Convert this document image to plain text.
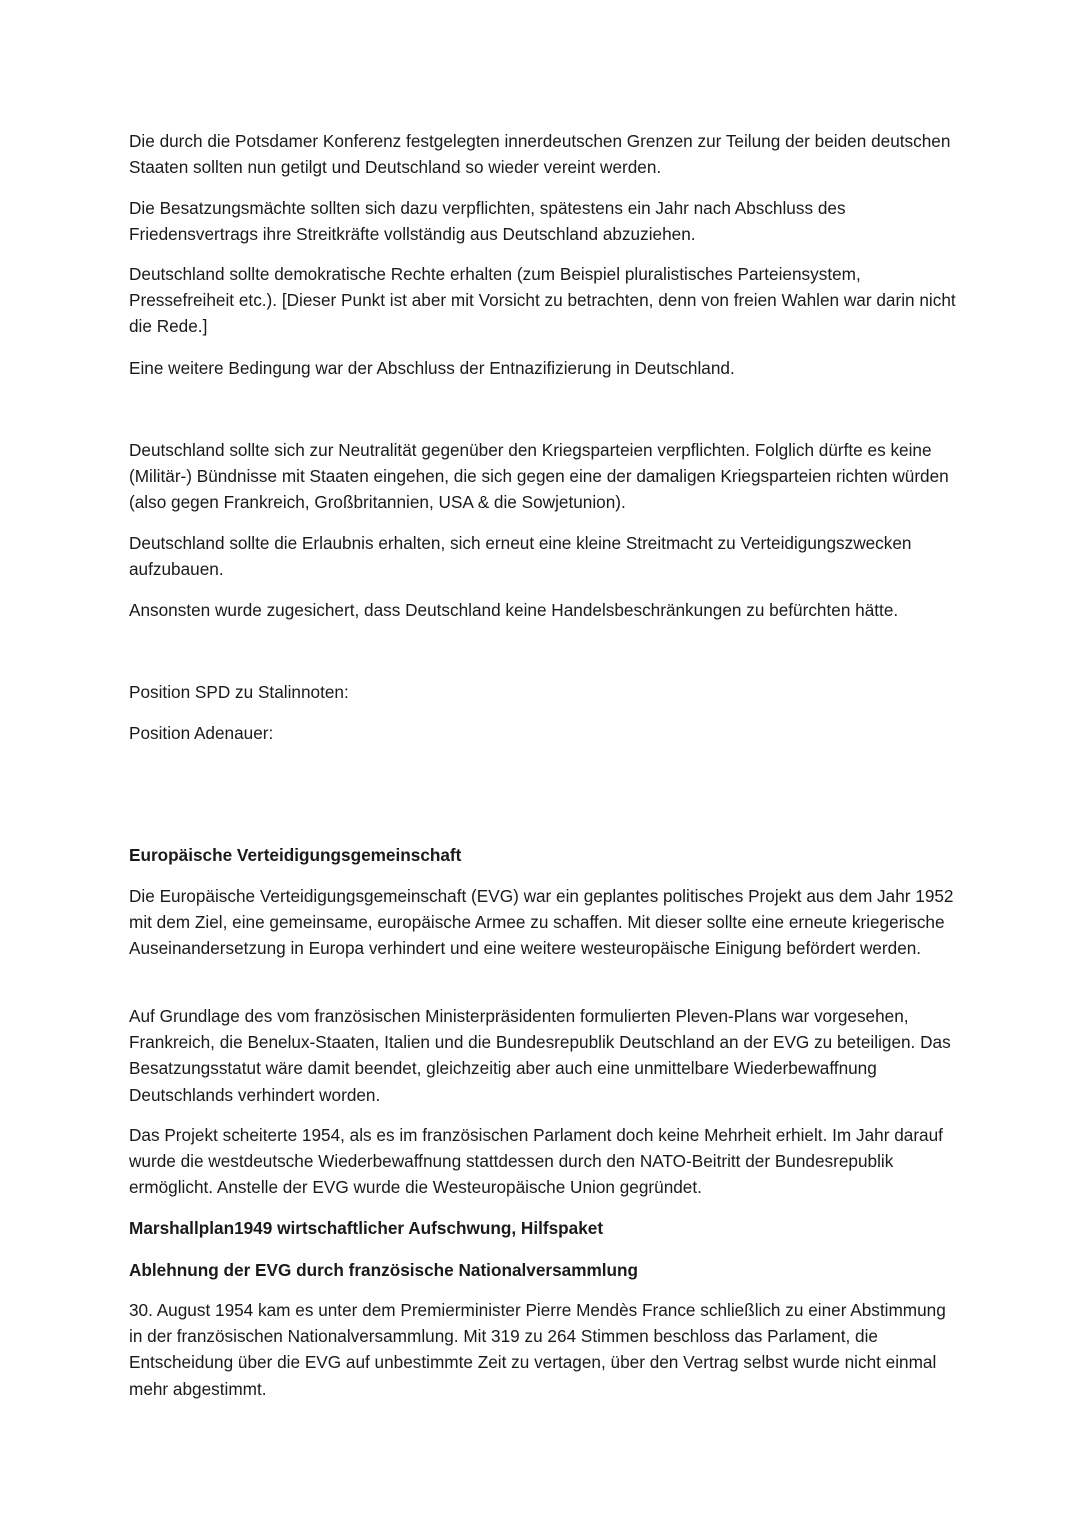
Die durch die Potsdamer Konferenz festgelegten innerdeutschen Grenzen zur Teilung der beiden deutschen Staaten sollten nun getilgt und Deutschland so wieder vereint werden.

Die Besatzungsmächte sollten sich dazu verpflichten, spätestens ein Jahr nach Abschluss des Friedensvertrags ihre Streitkräfte vollständig aus Deutschland abzuziehen.

Deutschland sollte demokratische Rechte erhalten (zum Beispiel pluralistisches Parteiensystem, Pressefreiheit etc.). [Dieser Punkt ist aber mit Vorsicht zu betrachten, denn von freien Wahlen war darin nicht die Rede.]

Eine weitere Bedingung war der Abschluss der Entnazifizierung in Deutschland.

Deutschland sollte sich zur Neutralität gegenüber den Kriegsparteien verpflichten. Folglich dürfte es keine (Militär-) Bündnisse mit Staaten eingehen, die sich gegen eine der damaligen Kriegsparteien richten würden (also gegen Frankreich, Großbritannien, USA & die Sowjetunion).

Deutschland sollte die Erlaubnis erhalten, sich erneut eine kleine Streitmacht zu Verteidigungszwecken aufzubauen.

Ansonsten wurde zugesichert, dass Deutschland keine Handelsbeschränkungen zu befürchten hätte.

Position SPD zu Stalinnoten:

Position Adenauer:

Europäische Verteidigungsgemeinschaft

Die Europäische Verteidigungsgemeinschaft (EVG) war ein geplantes politisches Projekt aus dem Jahr 1952 mit dem Ziel, eine gemeinsame, europäische Armee zu schaffen. Mit dieser sollte eine erneute kriegerische Auseinandersetzung in Europa verhindert und eine weitere westeuropäische Einigung befördert werden.

Auf Grundlage des vom französischen Ministerpräsidenten formulierten Pleven-Plans war vorgesehen, Frankreich, die Benelux-Staaten, Italien und die Bundesrepublik Deutschland an der EVG zu beteiligen. Das Besatzungsstatut wäre damit beendet, gleichzeitig aber auch eine unmittelbare Wiederbewaffnung Deutschlands verhindert worden.

Das Projekt scheiterte 1954, als es im französischen Parlament doch keine Mehrheit erhielt. Im Jahr darauf wurde die westdeutsche Wiederbewaffnung stattdessen durch den NATO-Beitritt der Bundesrepublik ermöglicht. Anstelle der EVG wurde die Westeuropäische Union gegründet.

Marshallplan1949 wirtschaftlicher Aufschwung, Hilfspaket

Ablehnung der EVG durch französische Nationalversammlung

30. August 1954 kam es unter dem Premierminister Pierre Mendès France schließlich zu einer Abstimmung in der französischen Nationalversammlung. Mit 319 zu 264 Stimmen beschloss das Parlament, die Entscheidung über die EVG auf unbestimmte Zeit zu vertagen, über den Vertrag selbst wurde nicht einmal mehr abgestimmt.
